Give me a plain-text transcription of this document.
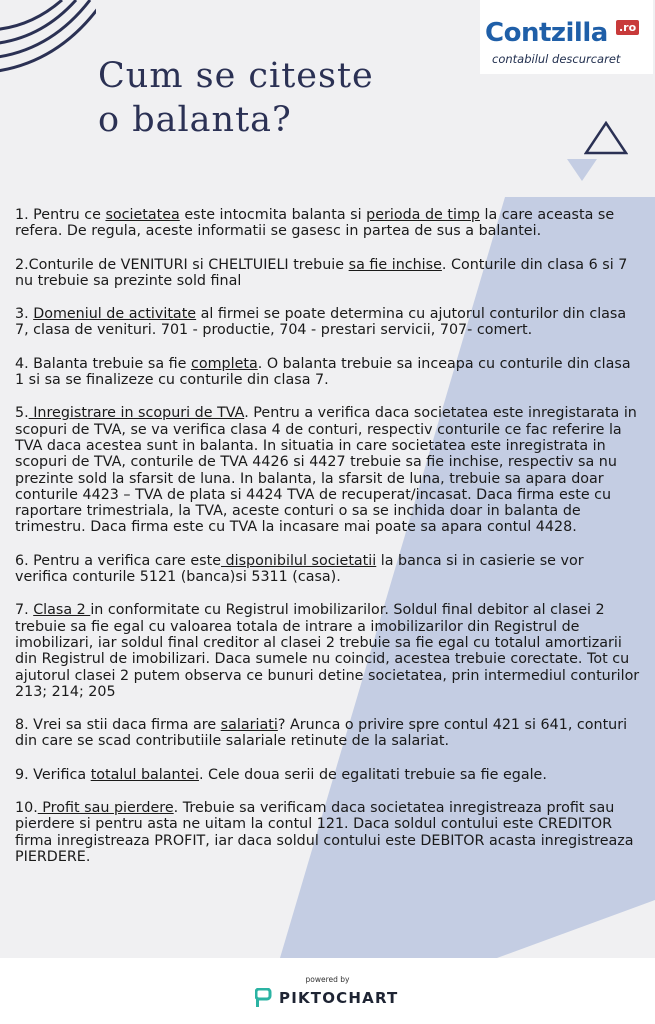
Contzilla .ro
contabilul descurcaret
Cum se citeste
o balanta?

1. Pentru ce societatea este intocmita balanta si perioda de timp la care aceasta se refera. De regula, aceste informatii se gasesc in partea de sus a balantei.

2.Conturile de VENITURI si CHELTUIELI trebuie sa fie inchise. Conturile din clasa 6 si 7 nu trebuie sa prezinte sold final

3. Domeniul de activitate al firmei se poate determina cu ajutorul conturilor din clasa 7, clasa de venituri. 701 - productie, 704 - prestari servicii, 707- comert.

4. Balanta trebuie sa fie completa. O balanta trebuie sa inceapa cu conturile din clasa 1 si sa se finalizeze cu conturile din clasa 7.

5. Inregistrare in scopuri de TVA. Pentru a verifica daca societatea este inregistarata in scopuri de TVA, se va verifica clasa 4 de conturi, respectiv conturile ce fac referire la TVA daca acestea sunt in balanta. In situatia in care societatea este inregistrata in scopuri de TVA, conturile de TVA 4426 si 4427 trebuie sa fie inchise, respectiv sa nu prezinte sold la sfarsit de luna. In balanta, la sfarsit de luna, trebuie sa apara doar conturile 4423 – TVA de plata si 4424 TVA de recuperat/incasat. Daca firma este cu raportare trimestriala, la TVA, aceste conturi o sa se inchida doar in balanta de trimestru. Daca firma este cu TVA la incasare mai poate sa apara contul 4428.

6. Pentru a verifica care este disponibilul societatii la banca si in casierie se vor verifica conturile 5121 (banca)si 5311 (casa).

7. Clasa 2 in conformitate cu Registrul imobilizarilor. Soldul final debitor al clasei 2 trebuie sa fie egal cu valoarea totala de intrare a imobilizarilor din Registrul de imobilizari, iar soldul final creditor al clasei 2 trebuie sa fie egal cu totalul amortizarii din Registrul de imobilizari. Daca sumele nu coincid, acestea trebuie corectate. Tot cu ajutorul clasei 2 putem observa ce bunuri detine societatea, prin intermediul conturilor 213; 214; 205

8. Vrei sa stii daca firma are salariati? Arunca o privire spre contul 421 si 641, conturi din care se scad contributiile salariale retinute de la salariat.

9. Verifica totalul balantei. Cele doua serii de egalitati trebuie sa fie egale.

10. Profit sau pierdere. Trebuie sa verificam daca societatea inregistreaza profit sau pierdere si pentru asta ne uitam la contul 121. Daca soldul contului este CREDITOR firma inregistreaza PROFIT, iar daca soldul contului este DEBITOR acasta inregistreaza PIERDERE.

powered by
PIKTOCHART
